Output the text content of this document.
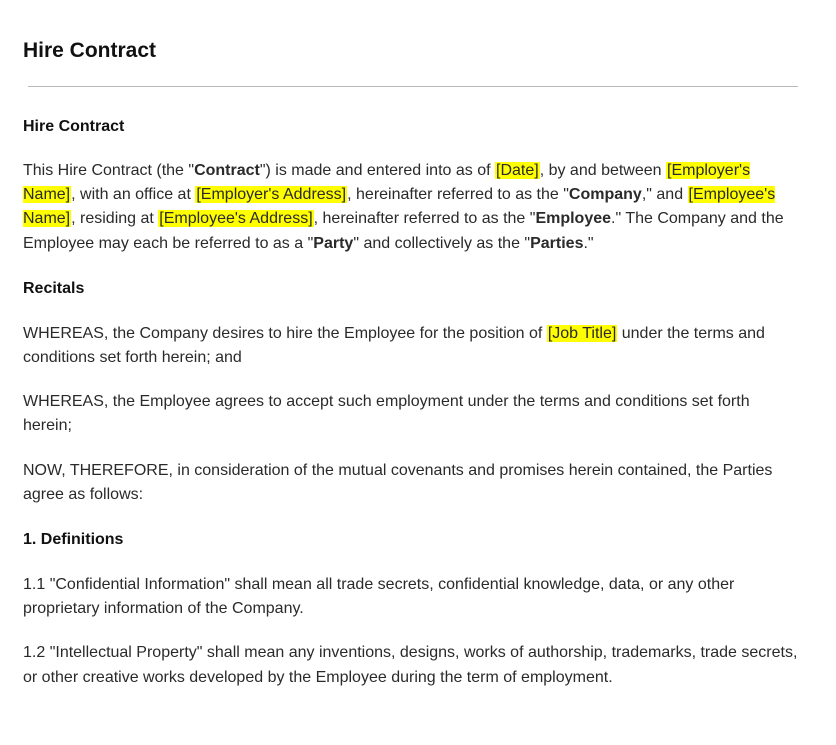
Hire Contract
Hire Contract

This Hire Contract (the "Contract") is made and entered into as of [Date], by and between [Employer's Name], with an office at [Employer's Address], hereinafter referred to as the "Company," and [Employee's Name], residing at [Employee's Address], hereinafter referred to as the "Employee." The Company and the Employee may each be referred to as a "Party" and collectively as the "Parties."

Recitals

WHEREAS, the Company desires to hire the Employee for the position of [Job Title] under the terms and conditions set forth herein; and

WHEREAS, the Employee agrees to accept such employment under the terms and conditions set forth herein;

NOW, THEREFORE, in consideration of the mutual covenants and promises herein contained, the Parties agree as follows:

1. Definitions

1.1 "Confidential Information" shall mean all trade secrets, confidential knowledge, data, or any other proprietary information of the Company.

1.2 "Intellectual Property" shall mean any inventions, designs, works of authorship, trademarks, trade secrets, or other creative works developed by the Employee during the term of employment.
